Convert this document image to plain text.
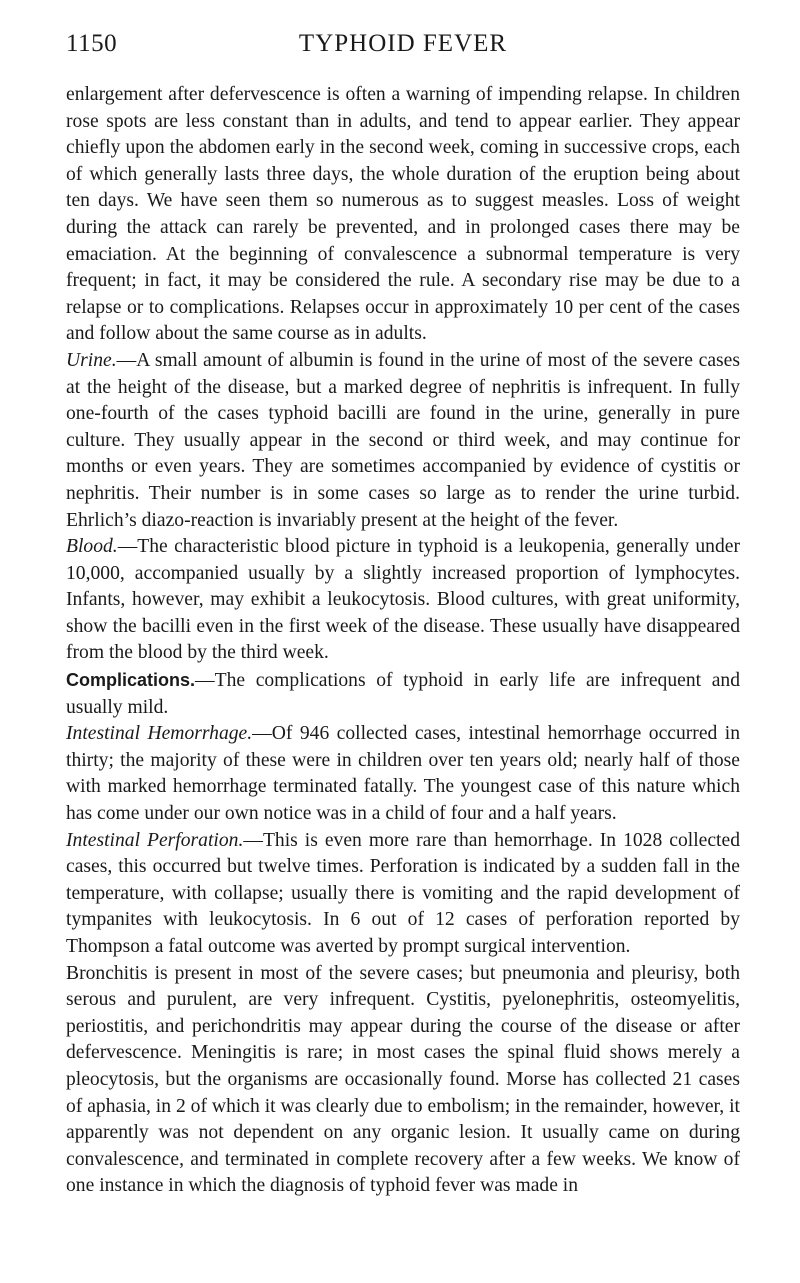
1150	TYPHOID FEVER

enlargement after defervescence is often a warning of impending relapse. In children rose spots are less constant than in adults, and tend to appear earlier. They appear chiefly upon the abdomen early in the second week, coming in successive crops, each of which generally lasts three days, the whole duration of the eruption being about ten days. We have seen them so numerous as to suggest measles. Loss of weight during the attack can rarely be prevented, and in prolonged cases there may be emaciation. At the beginning of convalescence a subnormal temperature is very frequent; in fact, it may be considered the rule. A secondary rise may be due to a relapse or to complications. Relapses occur in approximately 10 per cent of the cases and follow about the same course as in adults.

Urine.—A small amount of albumin is found in the urine of most of the severe cases at the height of the disease, but a marked degree of nephritis is infrequent. In fully one-fourth of the cases typhoid bacilli are found in the urine, generally in pure culture. They usually appear in the second or third week, and may continue for months or even years. They are sometimes accompanied by evidence of cystitis or nephritis. Their number is in some cases so large as to render the urine turbid. Ehrlich’s diazo-reaction is invariably present at the height of the fever.

Blood.—The characteristic blood picture in typhoid is a leukopenia, generally under 10,000, accompanied usually by a slightly increased proportion of lymphocytes. Infants, however, may exhibit a leukocytosis. Blood cultures, with great uniformity, show the bacilli even in the first week of the disease. These usually have disappeared from the blood by the third week.

Complications.—The complications of typhoid in early life are infrequent and usually mild.

Intestinal Hemorrhage.—Of 946 collected cases, intestinal hemorrhage occurred in thirty; the majority of these were in children over ten years old; nearly half of those with marked hemorrhage terminated fatally. The youngest case of this nature which has come under our own notice was in a child of four and a half years.

Intestinal Perforation.—This is even more rare than hemorrhage. In 1028 collected cases, this occurred but twelve times. Perforation is indicated by a sudden fall in the temperature, with collapse; usually there is vomiting and the rapid development of tympanites with leukocytosis. In 6 out of 12 cases of perforation reported by Thompson a fatal outcome was averted by prompt surgical intervention.

Bronchitis is present in most of the severe cases; but pneumonia and pleurisy, both serous and purulent, are very infrequent. Cystitis, pyelonephritis, osteomyelitis, periostitis, and perichondritis may appear during the course of the disease or after defervescence. Meningitis is rare; in most cases the spinal fluid shows merely a pleocytosis, but the organisms are occasionally found. Morse has collected 21 cases of aphasia, in 2 of which it was clearly due to embolism; in the remainder, however, it apparently was not dependent on any organic lesion. It usually came on during convalescence, and terminated in complete recovery after a few weeks. We know of one instance in which the diagnosis of typhoid fever was made in
